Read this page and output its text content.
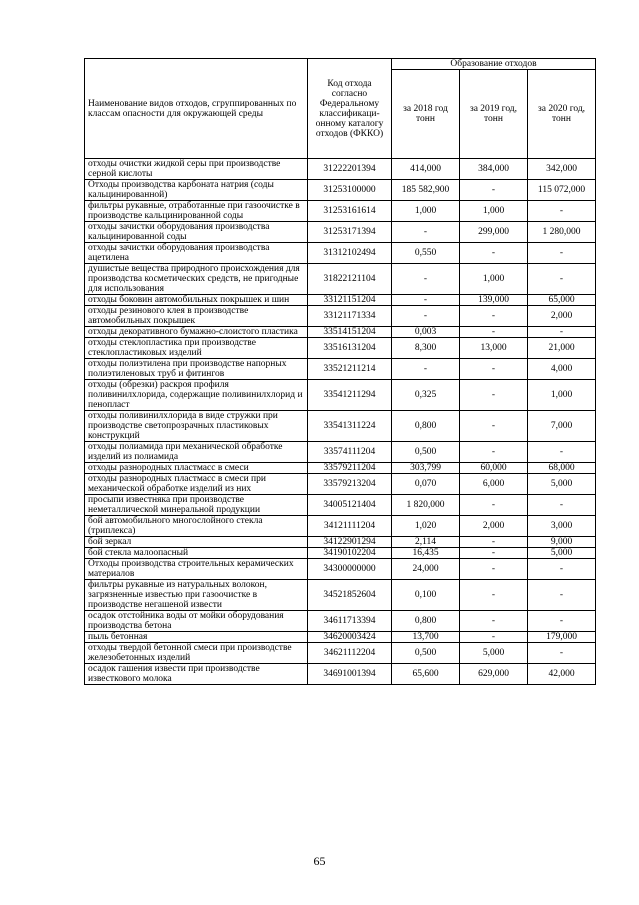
Наименование видов отходов, сгруппированных по классам опасности для окружающей среды	Код отхода согласно Федеральному классификаци-онному каталогу отходов (ФККО)	Образование отходов		
		за 2018 год тонн	за 2019 год, тонн	за 2020 год, тонн
отходы очистки жидкой серы при производстве серной кислоты	31222201394	414,000	384,000	342,000
Отходы производства карбоната натрия (соды кальцинированной)	31253100000	185 582,900	-	115 072,000
фильтры рукавные, отработанные при газоочистке в производстве кальцинированной соды	31253161614	1,000	1,000	-
отходы зачистки оборудования производства кальцинированной соды	31253171394	-	299,000	1 280,000
отходы зачистки оборудования производства ацетилена	31312102494	0,550	-	-
душистые вещества природного происхождения для производства косметических средств, не пригодные для использования	31822121104	-	1,000	-
отходы боковин автомобильных покрышек и шин	33121151204	-	139,000	65,000
отходы резинового клея в производстве автомобильных покрышек	33121171334	-	-	2,000
отходы декоративного бумажно-слоистого пластика	33514151204	0,003	-	-
отходы стеклопластика при производстве стеклопластиковых изделий	33516131204	8,300	13,000	21,000
отходы полиэтилена при производстве напорных полиэтиленовых труб и фитингов	33521211214	-	-	4,000
отходы (обрезки) раскроя профиля поливинилхлорида, содержащие поливинилхлорид и пенопласт	33541211294	0,325	-	1,000
отходы поливинилхлорида в виде стружки при производстве светопрозрачных пластиковых конструкций	33541311224	0,800	-	7,000
отходы полиамида при механической обработке изделий из полиамида	33574111204	0,500	-	-
отходы разнородных пластмасс в смеси	33579211204	303,799	60,000	68,000
отходы разнородных пластмасс в смеси при механической обработке изделий из них	33579213204	0,070	6,000	5,000
просыпи известняка при производстве неметаллической минеральной продукции	34005121404	1 820,000	-	-
бой автомобильного многослойного стекла (триплекса)	34121111204	1,020	2,000	3,000
бой зеркал	34122901294	2,114	-	9,000
бой стекла малоопасный	34190102204	16,435	-	5,000
Отходы производства строительных керамических материалов	34300000000	24,000	-	-
фильтры рукавные из натуральных волокон, загрязненные известью при газоочистке в производстве негашеной извести	34521852604	0,100	-	-
осадок отстойника воды от мойки оборудования производства бетона	34611713394	0,800	-	-
пыль бетонная	34620003424	13,700	-	179,000
отходы твердой бетонной смеси при производстве железобетонных изделий	34621112204	0,500	5,000	-
осадок гашения извести при производстве известкового молока	34691001394	65,600	629,000	42,000
65
